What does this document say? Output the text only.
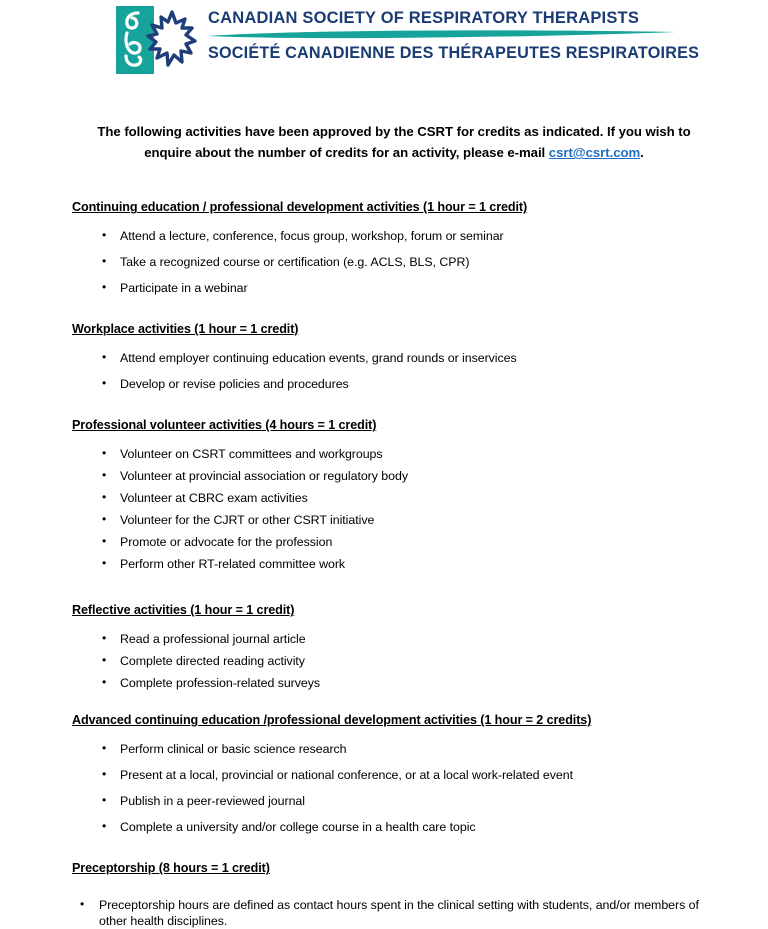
CANADIAN SOCIETY OF RESPIRATORY THERAPISTS
SOCIÉTÉ CANADIENNE DES THÉRAPEUTES RESPIRATOIRES

The following activities have been approved by the CSRT for credits as indicated. If you wish to enquire about the number of credits for an activity, please e-mail csrt@csrt.com.

Continuing education / professional development activities (1 hour = 1 credit)
• Attend a lecture, conference, focus group, workshop, forum or seminar
• Take a recognized course or certification (e.g. ACLS, BLS, CPR)
• Participate in a webinar
Workplace activities (1 hour = 1 credit)
• Attend employer continuing education events, grand rounds or inservices
• Develop or revise policies and procedures
Professional volunteer activities (4 hours = 1 credit)
• Volunteer on CSRT committees and workgroups
• Volunteer at provincial association or regulatory body
• Volunteer at CBRC exam activities
• Volunteer for the CJRT or other CSRT initiative
• Promote or advocate for the profession
• Perform other RT-related committee work
Reflective activities (1 hour = 1 credit)
• Read a professional journal article
• Complete directed reading activity
• Complete profession-related surveys
Advanced continuing education /professional development activities (1 hour = 2 credits)
• Perform clinical or basic science research
• Present at a local, provincial or national conference, or at a local work-related event
• Publish in a peer-reviewed journal
• Complete a university and/or college course in a health care topic
Preceptorship (8 hours = 1 credit)
• Preceptorship hours are defined as contact hours spent in the clinical setting with students, and/or members of other health disciplines.
